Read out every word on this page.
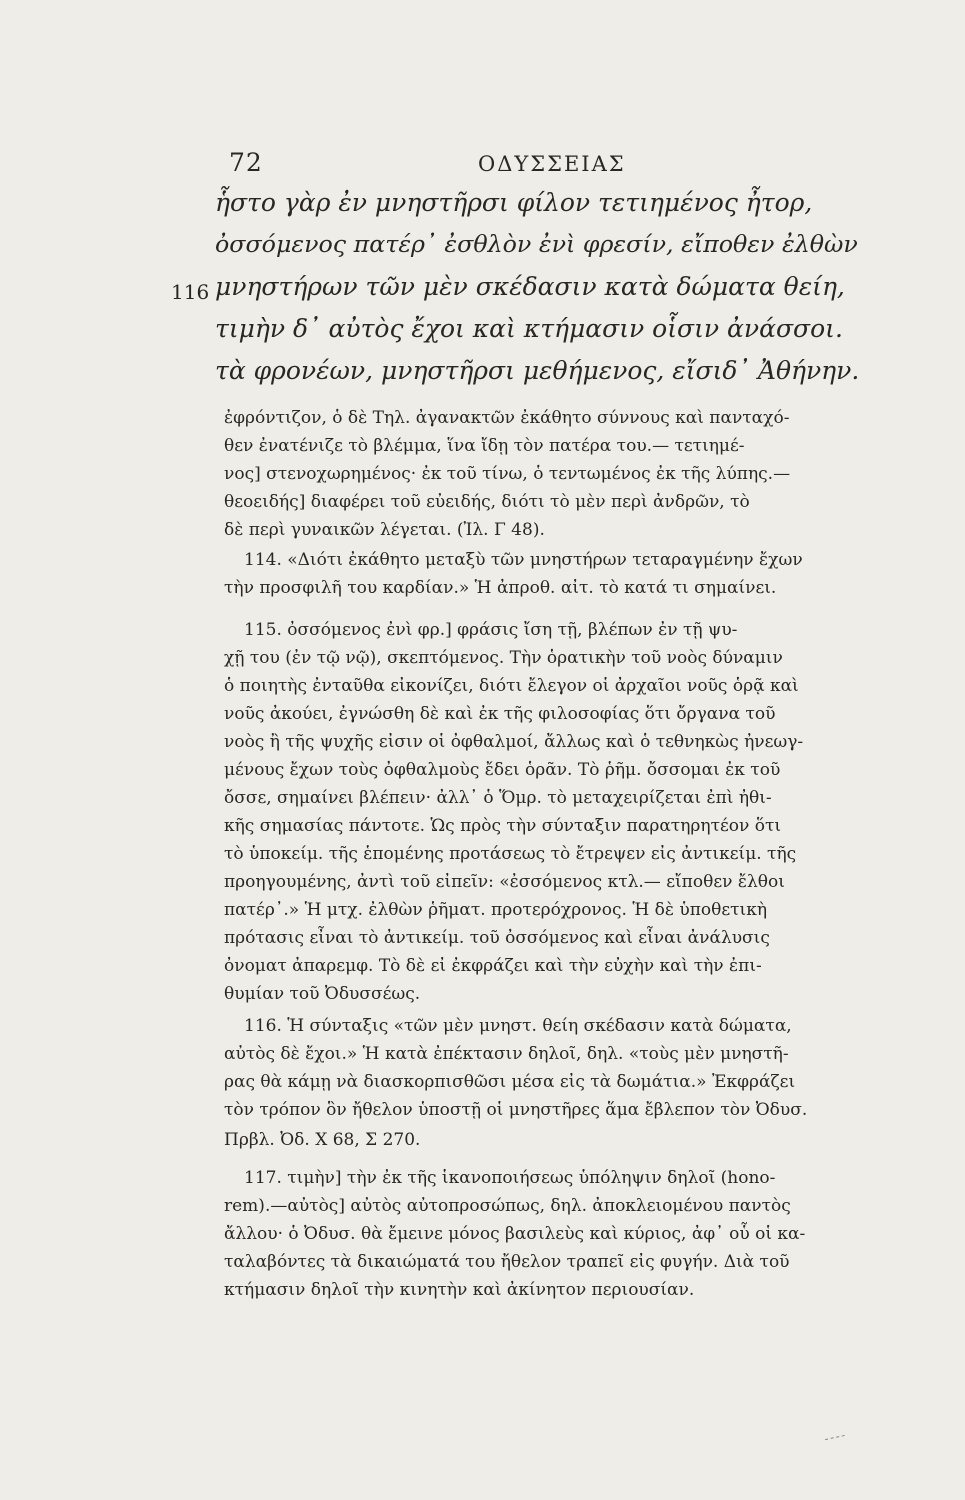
72	ΟΔΥΣΣΕΙΑΣ
ἧστο γὰρ ἐν μνηστῆρσι φίλον τετιημένος ἦτορ,
ὀσσόμενος πατέρ᾽ ἐσθλὸν ἐνὶ φρεσίν, εἴποθεν ἐλθὼν
116 μνηστήρων τῶν μὲν σκέδασιν κατὰ δώματα θείη,
τιμὴν δ᾽ αὐτὸς ἔχοι καὶ κτήμασιν οἷσιν ἀνάσσοι.
τὰ φρονέων, μνηστῆρσι μεθήμενος, εἴσιδ᾽ Ἀθήνην.
ἐφρόντιζον, ὁ δὲ Τηλ. ἀγανακτῶν ἐκάθητο σύννους καὶ πανταχό-
θεν ἐνατένιζε τὸ βλέμμα, ἵνα ἴδῃ τὸν πατέρα του.— τετιημέ-
νος] στενοχωρημένος· ἐκ τοῦ τίνω, ὁ τεντωμένος ἐκ τῆς λύπης.—
θεοειδής] διαφέρει τοῦ εὐειδής, διότι τὸ μὲν περὶ ἀνδρῶν, τὸ
δὲ περὶ γυναικῶν λέγεται. (Ἰλ. Γ 48).
114. «Διότι ἐκάθητο μεταξὺ τῶν μνηστήρων τεταραγμένην ἔχων
τὴν προσφιλῆ του καρδίαν.» Ἡ ἀπροθ. αἰτ. τὸ κατά τι σημαίνει.
115. ὀσσόμενος ἐνὶ φρ.] φράσις ἴση τῇ, βλέπων ἐν τῇ ψυ-
χῇ του (ἐν τῷ νῷ), σκεπτόμενος. Τὴν ὁρατικὴν τοῦ νοὸς δύναμιν
ὁ ποιητὴς ἐνταῦθα εἰκονίζει, διότι ἔλεγον οἱ ἀρχαῖοι νοῦς ὁρᾷ καὶ
νοῦς ἀκούει, ἐγνώσθη δὲ καὶ ἐκ τῆς φιλοσοφίας ὅτι ὄργανα τοῦ
νοὸς ἢ τῆς ψυχῆς εἰσιν οἱ ὀφθαλμοί, ἄλλως καὶ ὁ τεθνηκὼς ἠνεωγ-
μένους ἔχων τοὺς ὀφθαλμοὺς ἔδει ὁρᾶν. Τὸ ῥῆμ. ὄσσομαι ἐκ τοῦ
ὄσσε, σημαίνει βλέπειν· ἀλλ᾽ ὁ Ὅμρ. τὸ μεταχειρίζεται ἐπὶ ἠθι-
κῆς σημασίας πάντοτε. Ὡς πρὸς τὴν σύνταξιν παρατηρητέον ὅτι
τὸ ὑποκείμ. τῆς ἑπομένης προτάσεως τὸ ἔτρεψεν εἰς ἀντικείμ. τῆς
προηγουμένης, ἀντὶ τοῦ εἰπεῖν: «ἐσσόμενος κτλ.— εἴποθεν ἔλθοι
πατέρ᾽.» Ἡ μτχ. ἐλθὼν ῥῆματ. προτερόχρονος. Ἡ δὲ ὑποθετικὴ
πρότασις εἶναι τὸ ἀντικείμ. τοῦ ὀσσόμενος καὶ εἶναι ἀνάλυσις
ὀνοματ ἀπαρεμφ. Τὸ δὲ εἰ ἐκφράζει καὶ τὴν εὐχὴν καὶ τὴν ἐπι-
θυμίαν τοῦ Ὀδυσσέως.
116. Ἡ σύνταξις «τῶν μὲν μνηστ. θείη σκέδασιν κατὰ δώματα,
αὐτὸς δὲ ἔχοι.» Ἡ κατὰ ἐπέκτασιν δηλοῖ, δηλ. «τοὺς μὲν μνηστῆ-
ρας θὰ κάμῃ νὰ διασκορπισθῶσι μέσα εἰς τὰ δωμάτια.» Ἐκφράζει
τὸν τρόπον ὃν ἤθελον ὑποστῇ οἱ μνηστῆρες ἅμα ἔβλεπον τὸν Ὀδυσ.
Πρβλ. Ὀδ. Χ 68, Σ 270.
117. τιμὴν] τὴν ἐκ τῆς ἱκανοποιήσεως ὑπόληψιν δηλοῖ (hono-
rem).—αὐτὸς] αὐτὸς αὐτοπροσώπως, δηλ. ἀποκλειομένου παντὸς
ἄλλου· ὁ Ὀδυσ. θὰ ἔμεινε μόνος βασιλεὺς καὶ κύριος, ἀφ᾽ οὗ οἱ κα-
ταλαβόντες τὰ δικαιώματά του ἤθελον τραπεῖ εἰς φυγήν. Διὰ τοῦ
κτήμασιν δηλοῖ τὴν κινητὴν καὶ ἀκίνητον περιουσίαν.
